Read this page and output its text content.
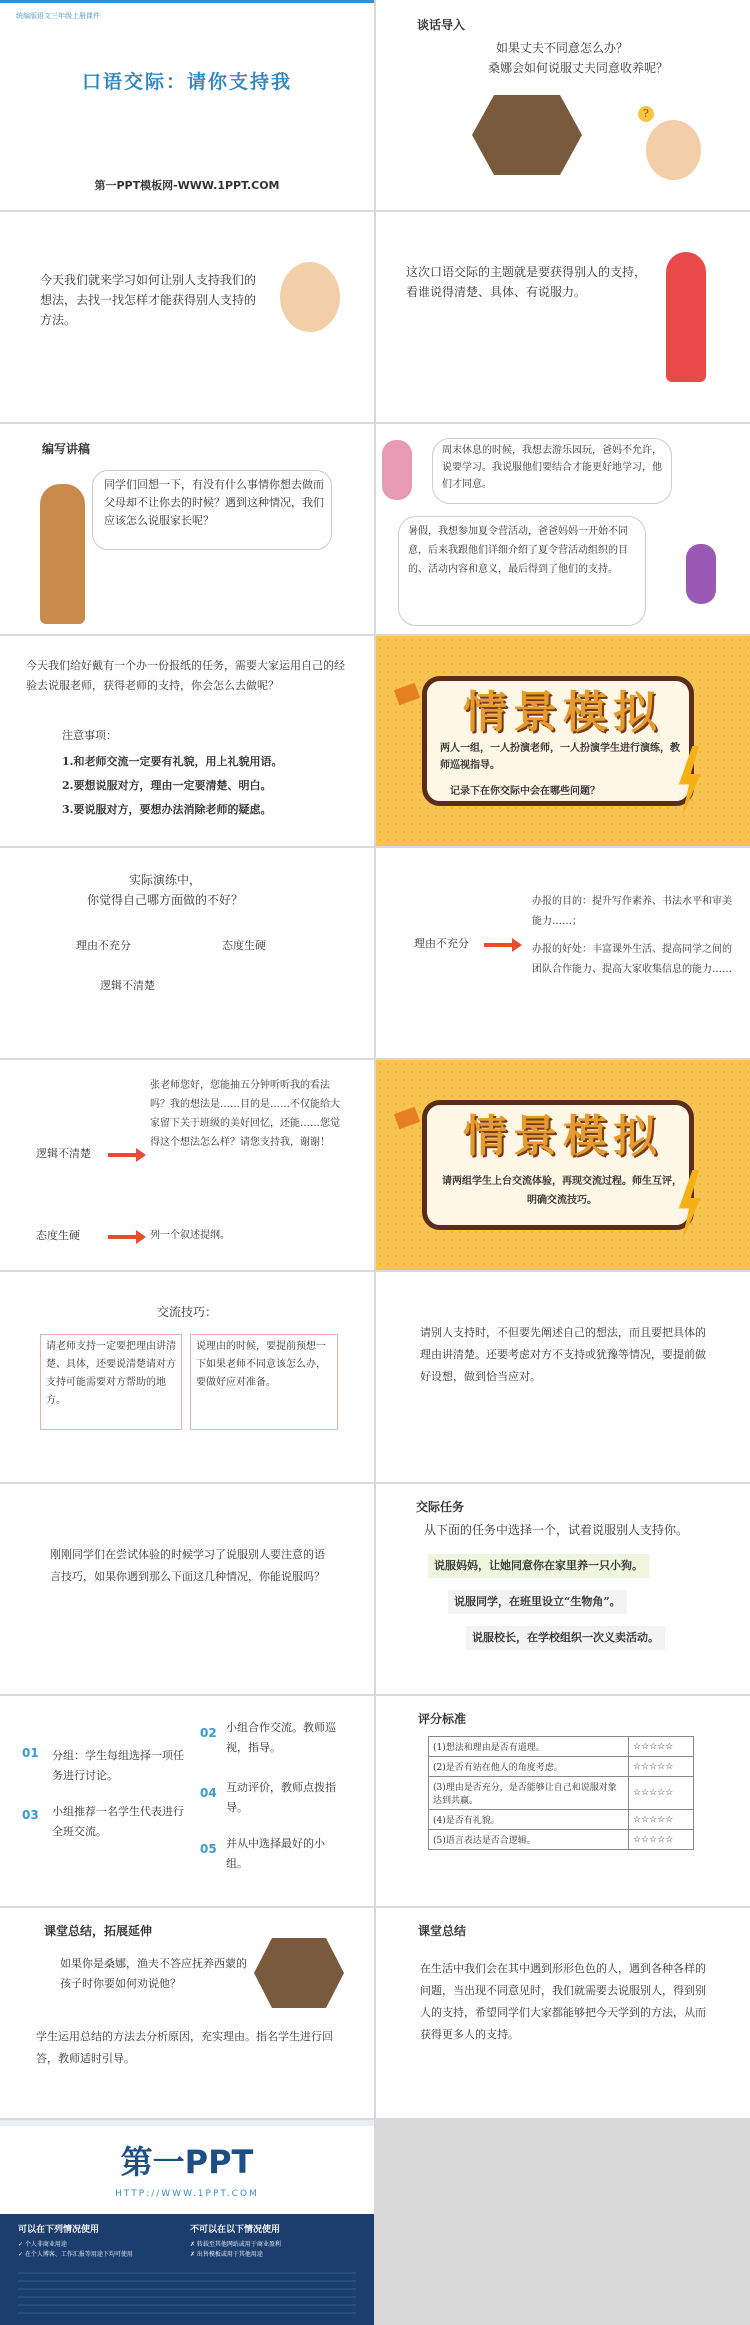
统编版语文三年级上册课件
口语交际：请你支持我
第一PPT模板网-WWW.1PPT.COM
谈话导入
如果丈夫不同意怎么办？
桑娜会如何说服丈夫同意收养呢？
?
今天我们就来学习如何让别人支持我们的想法，去找一找怎样才能获得别人支持的方法。
这次口语交际的主题就是要获得别人的支持，看谁说得清楚、具体、有说服力。
编写讲稿
同学们回想一下，有没有什么事情你想去做而父母却不让你去的时候？遇到这种情况，我们应该怎么说服家长呢？
周末休息的时候，我想去游乐园玩，爸妈不允许，说要学习。我说服他们要结合才能更好地学习，他们才同意。
暑假，我想参加夏令营活动，爸爸妈妈一开始不同意，后来我跟他们详细介绍了夏令营活动组织的目的、活动内容和意义，最后得到了他们的支持。
今天我们给好戴有一个办一份报纸的任务，需要大家运用自己的经验去说服老师，获得老师的支持，你会怎么去做呢？
注意事项：
1.和老师交流一定要有礼貌，用上礼貌用语。
2.要想说服对方，理由一定要清楚、明白。
3.要说服对方，要想办法消除老师的疑虑。
情景模拟
两人一组，一人扮演老师，一人扮演学生进行演练，教师巡视指导。
记录下在你交际中会在哪些问题？
实际演练中，
你觉得自己哪方面做的不好？
理由不充分	态度生硬
逻辑不清楚
理由不充分
办报的目的：提升写作素养、书法水平和审美能力……；
办报的好处：丰富课外生活、提高同学之间的团队合作能力、提高大家收集信息的能力……
逻辑不清楚
张老师您好，您能抽五分钟听听我的看法吗？我的想法是……目的是……不仅能给大家留下关于班级的美好回忆，还能……您觉得这个想法怎么样？请您支持我，谢谢！
态度生硬	列一个叙述提纲。
情景模拟
请两组学生上台交流体验，再现交流过程。师生互评，明确交流技巧。
交流技巧：
请老师支持一定要把理由讲清楚、具体，还要说清楚请对方支持可能需要对方帮助的地方。
说理由的时候，要提前预想一下如果老师不同意该怎么办，要做好应对准备。
请别人支持时，不但要先阐述自己的想法，而且要把具体的理由讲清楚。还要考虑对方不支持或犹豫等情况，要提前做好设想，做到恰当应对。
刚刚同学们在尝试体验的时候学习了说服别人要注意的语言技巧，如果你遇到那么下面这几种情况，你能说服吗？
交际任务
从下面的任务中选择一个，试着说服别人支持你。
说服妈妈，让她同意你在家里养一只小狗。
说服同学，在班里设立“生物角”。
说服校长，在学校组织一次义卖活动。
01 分组：学生每组选择一项任务进行讨论。
03 小组推荐一名学生代表进行全班交流。
02 小组合作交流。教师巡视，指导。
04 互动评价，教师点拨指导。
05 并从中选择最好的小组。
评分标准
(1)想法和理由是否有道理。	☆☆☆☆☆
(2)是否有站在他人的角度考虑。	☆☆☆☆☆
(3)理由是否充分，是否能够让自己和说服对象达到共赢。	☆☆☆☆☆
(4)是否有礼貌。	☆☆☆☆☆
(5)语言表达是否合逻辑。	☆☆☆☆☆
课堂总结，拓展延伸
如果你是桑娜，渔夫不答应抚养西蒙的孩子时你要如何劝说他？
学生运用总结的方法去分析原因，充实理由。指名学生进行回答，教师适时引导。
课堂总结
在生活中我们会在其中遇到形形色色的人，遇到各种各样的问题，当出现不同意见时，我们就需要去说服别人，得到别人的支持，希望同学们大家都能够把今天学到的方法，从而获得更多人的支持。
第一PPT
HTTP://WWW.1PPT.COM
可以在下列情况使用	不可以在以下情况使用
✓ 个人非商业用途
✓ 在个人博客、工作汇报等用途下均可使用
✗ 转载至其他网站或用于商业盈利
✗ 出售模板或用于其他用途
